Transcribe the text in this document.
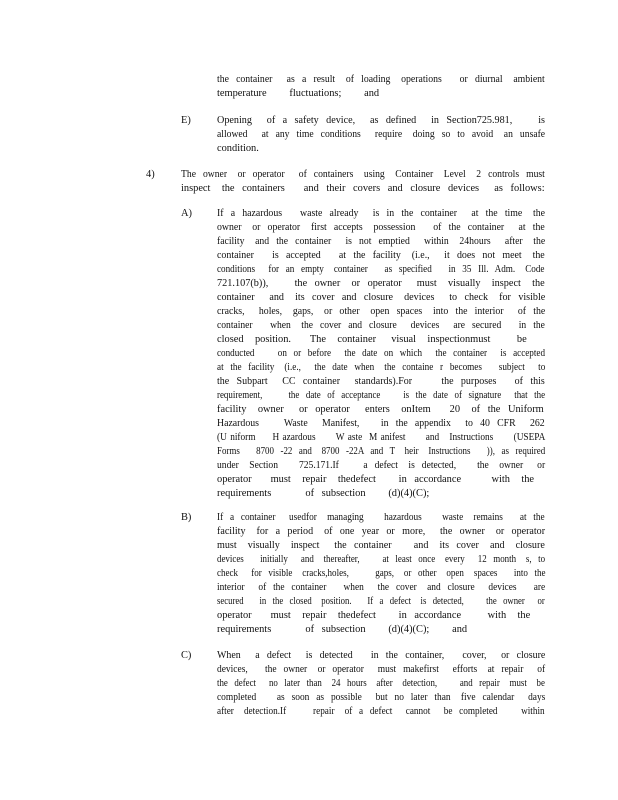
the  container    as  a  result   of  loading   operations     or  diurnal   ambient
temperature      fluctuations;      and
E)	Opening    of  a  safety  device,    as  defined    in  Section725.981,       is
allowed    at  any  time  conditions    require   doing  so  to  avoid   an  unsafe
condition.
4)	The  owner   or  operator    of  containers   using   Container   Level   2  controls  must
inspect   the  containers     and  their  covers  and  closure  devices    as  follows:
A) If  a  hazardous     waste  already    is  in  the  container    at  the  time   the
owner   or  operator   first  accepts   possession     of  the  container    at  the
facility   and  the  container    is  not  emptied    within   24hours    after   the
container     is  accepted     at  the  facility   (i.e.,    it  does  not  meet   the
conditions    for  an  empty   container     as  specified     in  35  Ill.  Adm.   Code
721.107(b)),       the  owner   or  operator    must   visually   inspect   the
container    and   its  cover  and  closure   devices    to  check   for  visible
cracks,    holes,   gaps,   or  other   open  spaces   into  the  interior    of  the
container     when   the  cover  and  closure    devices    are  secured     in  the
closed   position.     The   container    visual   inspectionmust       be
conducted       on  or  before    the  date  on  which    the  container    is  accepted
at  the  facility   (i.e.,    the  date  when   the  containe  r  becomes     subject    to
the  Subpart    CC  container    standards).For        the  purposes     of  this
requirement,        the  date  of  acceptance       is  the  date  of  signature    that  the
facility   owner    or  operator    enters   onItem     20   of  the  Uniform
Hazardous       Waste    Manifest,      in  the  appendix    to  40  CFR    262
(U niform     H azardous      W aste  M anifest      and   Instructions      (USEPA
Forms     8700  -22  and   8700  -22A  and  T   heir   Instructions     )),  as  required
under   Section      725.171.If       a  defect   is  detected,      the   owner    or
operator     must   repair   thedefect      in  accordance        with   the
requirements         of  subsection      (d)(4)(C);
B) If  a  container    usedfor   managing      hazardous      waste   remains     at  the
facility   for  a  period   of  one  year  or  more,    the  owner   or  operator
must   visually   inspect    the  container      and   its  cover   and   closure
devices     initially    and   thereafter,       at  least  once   every    12  month   s,  to
check    for  visible   cracks,holes,        gaps,   or  other   open   spaces     into  the
interior    of  the  container     when    the  cover   and  closure    devices     are
secured     in  the  closed   position.     If  a  defect   is  detected,       the  owner    or
operator     must   repair   thedefect      in  accordance       with   the
requirements         of  subsection      (d)(4)(C);      and
C) When    a  defect    is  detected     in  the  container,     cover,    or  closure
devices,     the  owner   or  operator    must  makefirst    efforts   at  repair    of
the  defect    no  later  than   24  hours   after   detection,       and  repair   must   be
completed      as  soon  as  possible    but  no  later  than   five  calendar    days
after   detection.If        repair   of  a  defect    cannot    be  completed       within
